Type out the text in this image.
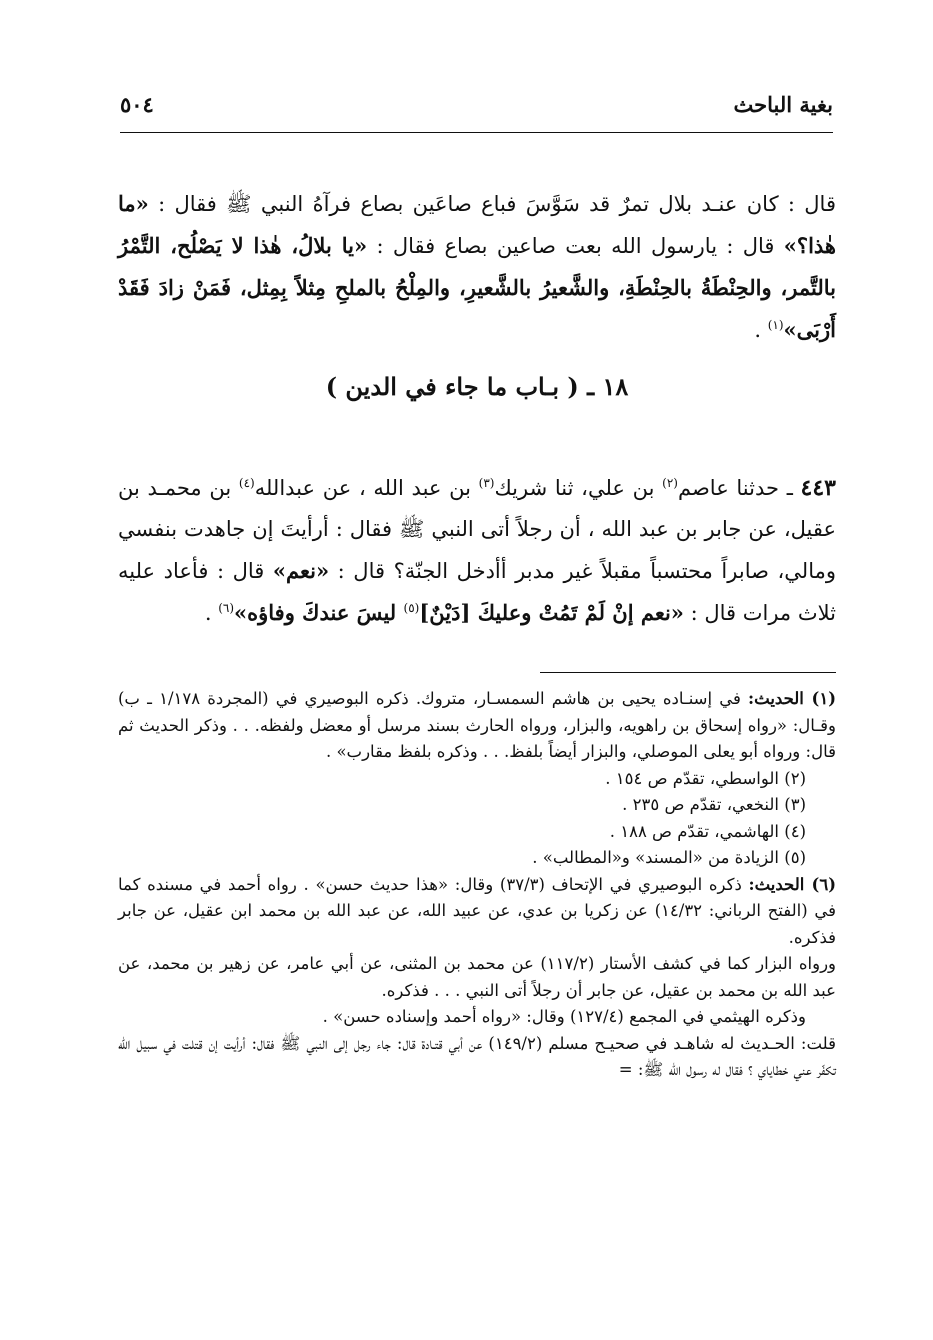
بغية الباحث
٥٠٤

قال : كان عنـد بلال تمرٌ قد سَوَّسَ فباع صاعَين بصاع فرآهُ النبي ﷺ فقال : «ما هٰذا؟» قال : يارسول الله بعت صاعين بصاع فقال : «يا بلالُ، هٰذا لا يَصْلُح، التَّمْرُ بالتَّمر، والحِنْطَةُ بالحِنْطَةِ، والشَّعيرُ بالشَّعيرِ، والمِلْحُ بالملحِ مِثلاً بِمِثل، فَمَنْ زادَ فَقَدْ أَرْبَى»$^{(١)}$ .

١٨ ـ ( بـاب ما جاء في الدين )

٤٤٣ ـ حدثنا عاصم$^{(٢)}$ بن علي، ثنا شريك$^{(٣)}$ بن عبد الله ، عن عبدالله$^{(٤)}$ بن محمـد بن عقيل، عن جابر بن عبد الله ، أن رجلاً أتى النبي ﷺ فقال : أرأيتَ إن جاهدت بنفسي ومالي، صابراً محتسباً مقبلاً غير مدبر أأدخل الجنّة؟ قال : «نعم» قال : فأعاد عليه ثلاث مرات قال : «نعم إنْ لَمْ تَمُتْ وعليكَ [دَيْنٌ]$^{(٥)}$ ليسَ عندكَ وفاؤه»$^{(٦)}$ .

(١) الحديث: في إسنـاده يحيى بن هاشم السمسـار، متروك. ذكره البوصيري في (المجردة ١/١٧٨ ـ ب) وقـال: «رواه إسحاق بن راهويه، والبزار، ورواه الحارث بسند مرسل أو معضل ولفظه. . . وذكر الحديث ثم قال: ورواه أبو يعلى الموصلي، والبزار أيضاً بلفظ. . . وذكره بلفظ مقارب» .

(٢) الواسطي، تقدّم ص ١٥٤ .

(٣) النخعي، تقدّم ص ٢٣٥ .

(٤) الهاشمي، تقدّم ص ١٨٨ .

(٥) الزيادة من «المسند» و«المطالب» .

(٦) الحديث: ذكره البوصيري في الإتحاف (٣٧/٣) وقال: «هذا حديث حسن» . رواه أحمد في مسنده كما في (الفتح الرباني: ١٤/٣٢) عن زكريا بن عدي، عن عبيد الله، عن عبد الله بن محمد ابن عقيل، عن جابر فذكره.

ورواه البزار كما في كشف الأستار (١١٧/٢) عن محمد بن المثنى، عن أبي عامر، عن زهير بن محمد، عن عبد الله بن محمد بن عقيل، عن جابر أن رجلاً أتى النبي . . . فذكره.

وذكره الهيثمي في المجمع (١٢٧/٤) وقال: «رواه أحمد وإسناده حسن» .

قلت: الحـديث له شاهـد في صحيـح مسلم (١٤٩/٢) عن أبي قتـادة قال: جاء رجل إلى النبي ﷺ فقال: أرأيت إن قتلت في سبيل الله تكفّر عني خطاياي ؟ فقال له رسول الله ﷺ: =
